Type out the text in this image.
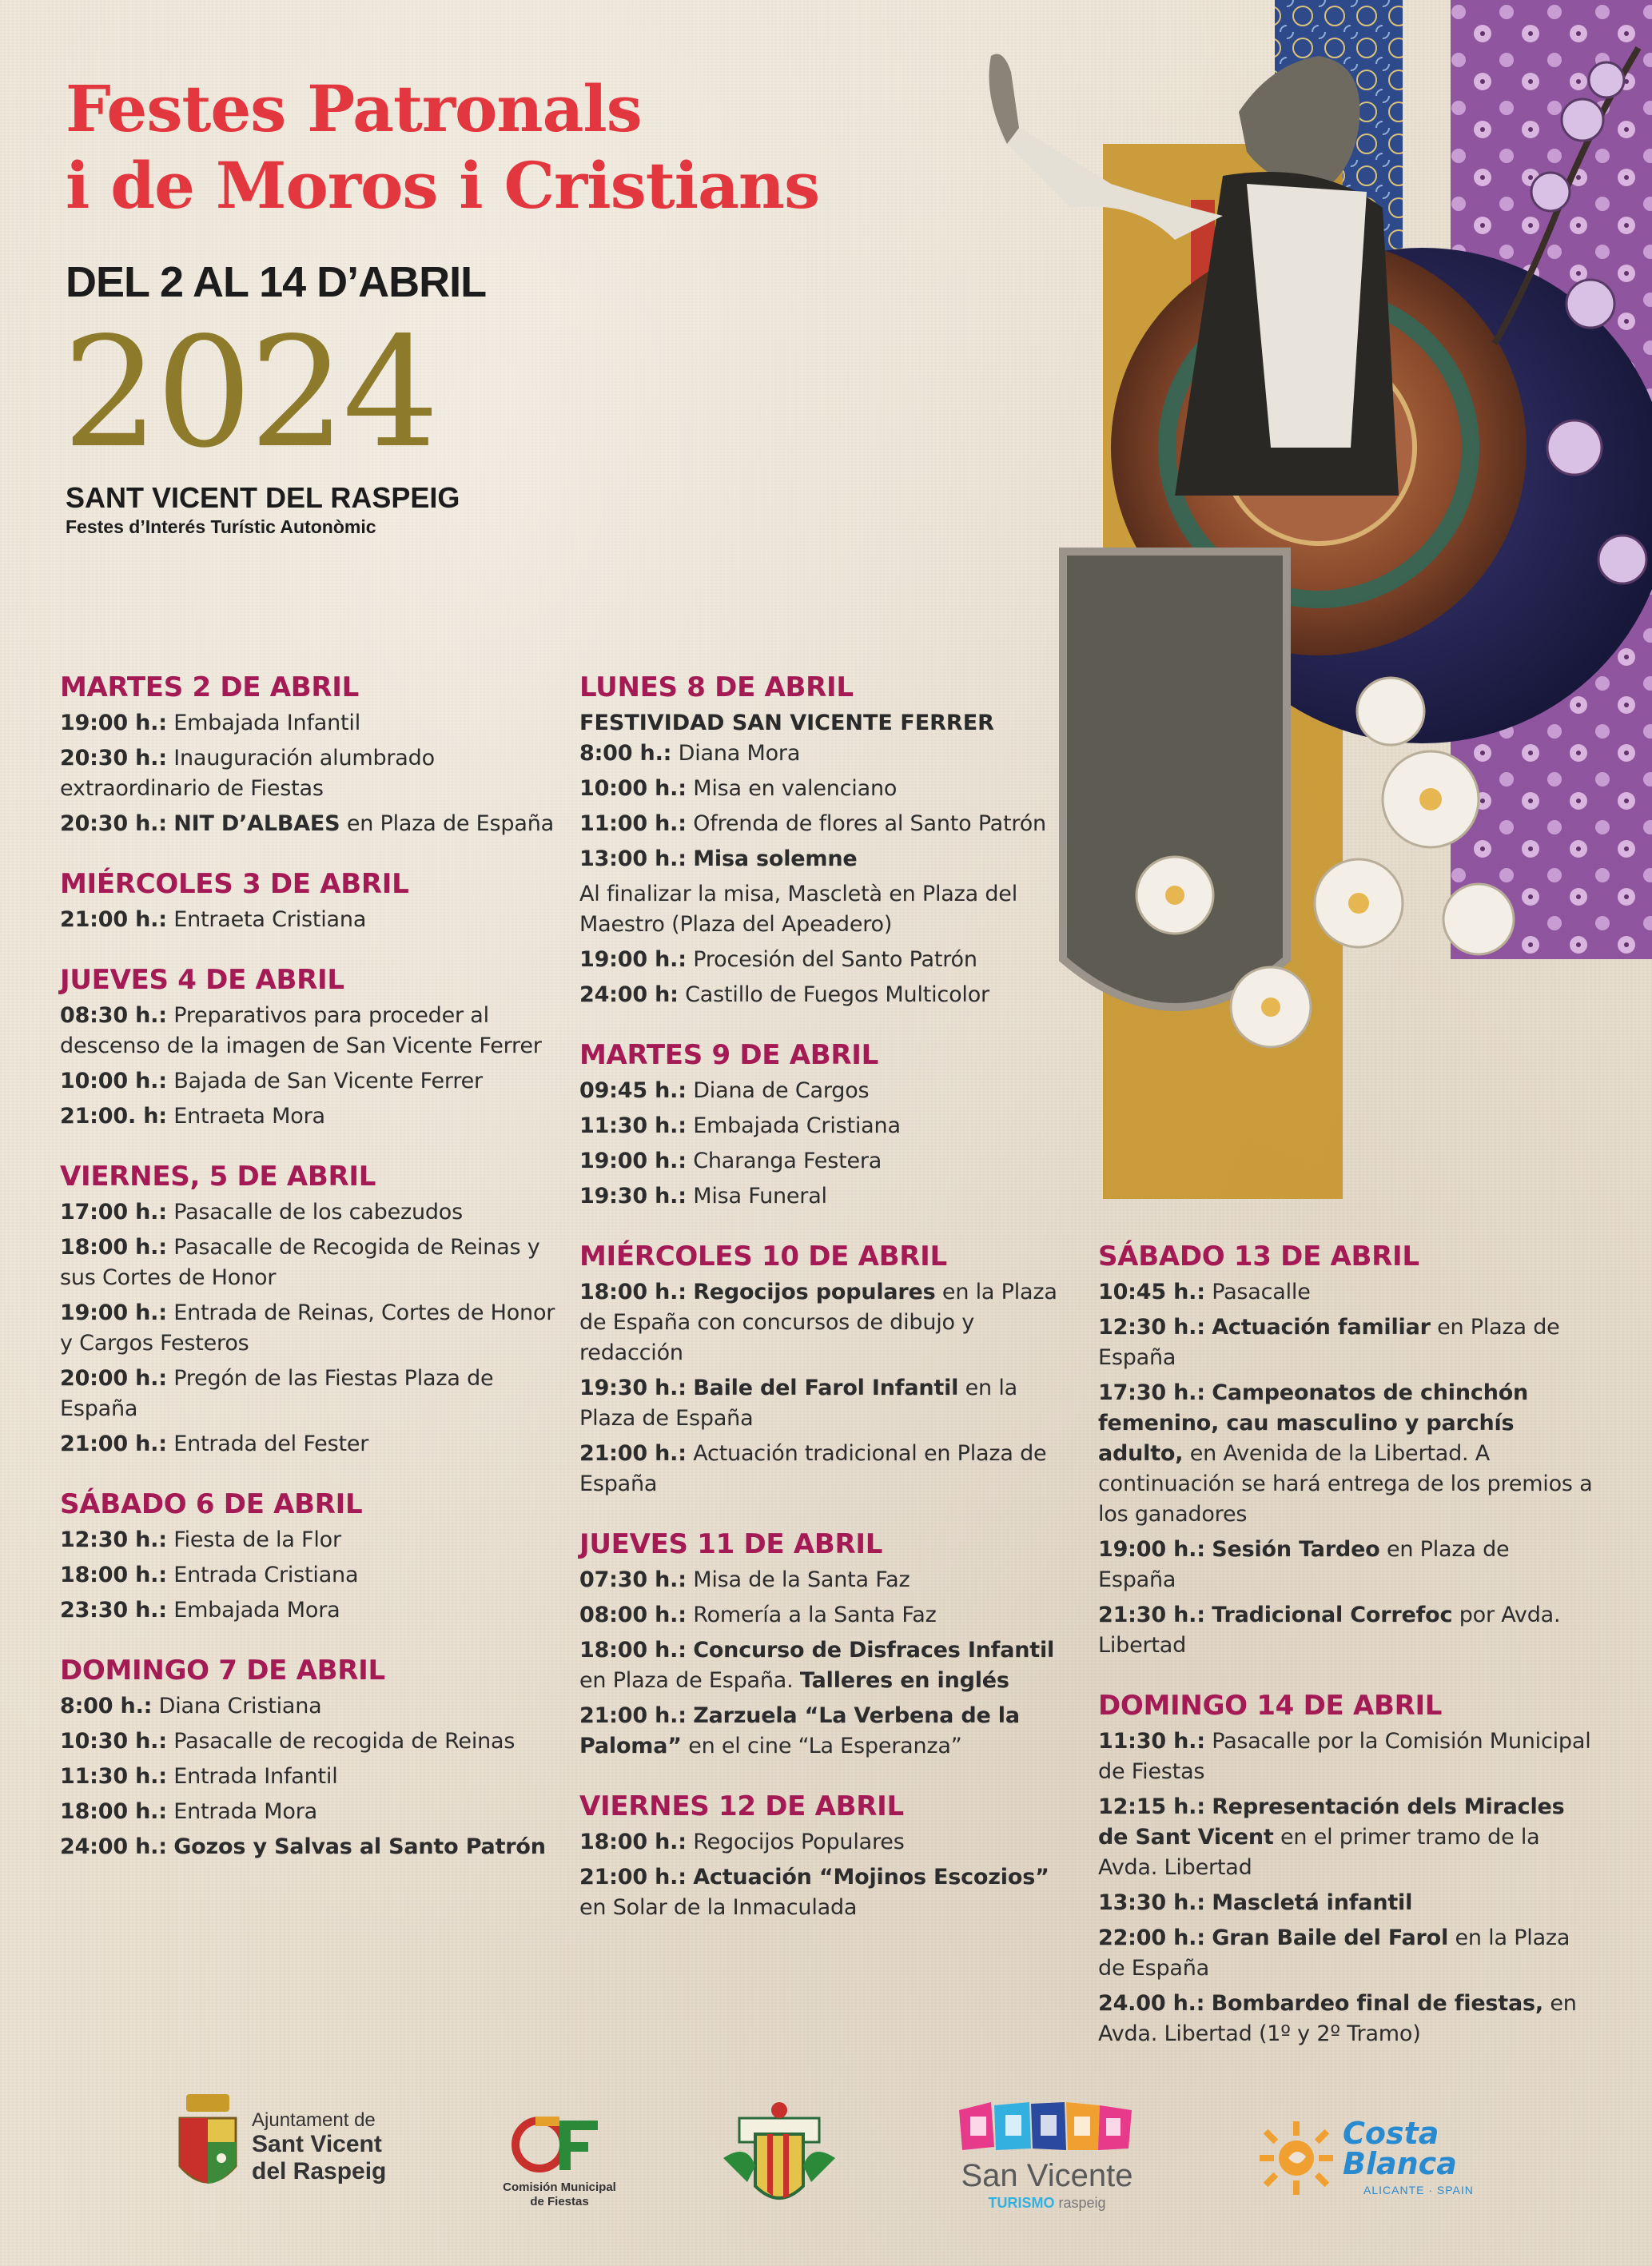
Festes Patronals
i de Moros i Cristians
DEL 2 AL 14 D’ABRIL
2024
SANT VICENT DEL RASPEIG
Festes d’Interés Turístic Autonòmic
MARTES 2 DE ABRIL
19:00 h.: Embajada Infantil
20:30 h.: Inauguración alumbrado extraordinario de Fiestas
20:30 h.: NIT D’ALBAES en Plaza de España
MIÉRCOLES 3 DE ABRIL
21:00 h.: Entraeta Cristiana
JUEVES 4 DE ABRIL
08:30 h.: Preparativos para proceder al descenso de la imagen de San Vicente Ferrer
10:00 h.: Bajada de San Vicente Ferrer
21:00. h: Entraeta Mora
VIERNES, 5 DE ABRIL
17:00 h.: Pasacalle de los cabezudos
18:00 h.: Pasacalle de Recogida de Reinas y sus Cortes de Honor
19:00 h.: Entrada de Reinas, Cortes de Honor y Cargos Festeros
20:00 h.: Pregón de las Fiestas Plaza de España
21:00 h.: Entrada del Fester
SÁBADO 6 DE ABRIL
12:30 h.: Fiesta de la Flor
18:00 h.: Entrada Cristiana
23:30 h.: Embajada Mora
DOMINGO 7 DE ABRIL
8:00 h.: Diana Cristiana
10:30 h.: Pasacalle de recogida de Reinas
11:30 h.: Entrada Infantil
18:00 h.: Entrada Mora
24:00 h.: Gozos y Salvas al Santo Patrón
LUNES 8 DE ABRIL
FESTIVIDAD SAN VICENTE FERRER
8:00 h.: Diana Mora
10:00 h.: Misa en valenciano
11:00 h.: Ofrenda de flores al Santo Patrón
13:00 h.: Misa solemne
Al finalizar la misa, Mascletà en Plaza del Maestro (Plaza del Apeadero)
19:00 h.: Procesión del Santo Patrón
24:00 h: Castillo de Fuegos Multicolor
MARTES 9 DE ABRIL
09:45 h.: Diana de Cargos
11:30 h.: Embajada Cristiana
19:00 h.: Charanga Festera
19:30 h.: Misa Funeral
MIÉRCOLES 10 DE ABRIL
18:00 h.: Regocijos populares en la Plaza de España con concursos de dibujo y redacción
19:30 h.: Baile del Farol Infantil en la Plaza de España
21:00 h.: Actuación tradicional en Plaza de España
JUEVES 11 DE ABRIL
07:30 h.: Misa de la Santa Faz
08:00 h.: Romería a la Santa Faz
18:00 h.: Concurso de Disfraces Infantil en Plaza de España. Talleres en inglés
21:00 h.: Zarzuela “La Verbena de la Paloma” en el cine “La Esperanza”
VIERNES 12 DE ABRIL
18:00 h.: Regocijos Populares
21:00 h.: Actuación “Mojinos Escozios” en Solar de la Inmaculada
SÁBADO 13 DE ABRIL
10:45 h.: Pasacalle
12:30 h.: Actuación familiar en Plaza de España
17:30 h.: Campeonatos de chinchón femenino, cau masculino y parchís adulto, en Avenida de la Libertad. A continuación se hará entrega de los premios a los ganadores
19:00 h.: Sesión Tardeo en Plaza de España
21:30 h.: Tradicional Correfoc por Avda. Libertad
DOMINGO 14 DE ABRIL
11:30 h.: Pasacalle por la Comisión Municipal de Fiestas
12:15 h.: Representación dels Miracles de Sant Vicent en el primer tramo de la Avda. Libertad
13:30 h.: Mascletá infantil
22:00 h.: Gran Baile del Farol en la Plaza de España
24.00 h.: Bombardeo final de fiestas, en Avda. Libertad (1º y 2º Tramo)
Ajuntament de
Sant Vicent
del Raspeig
Comisión Municipal
de Fiestas
San Vicente
TURISMO raspeig
Costa
Blanca
ALICANTE · SPAIN
